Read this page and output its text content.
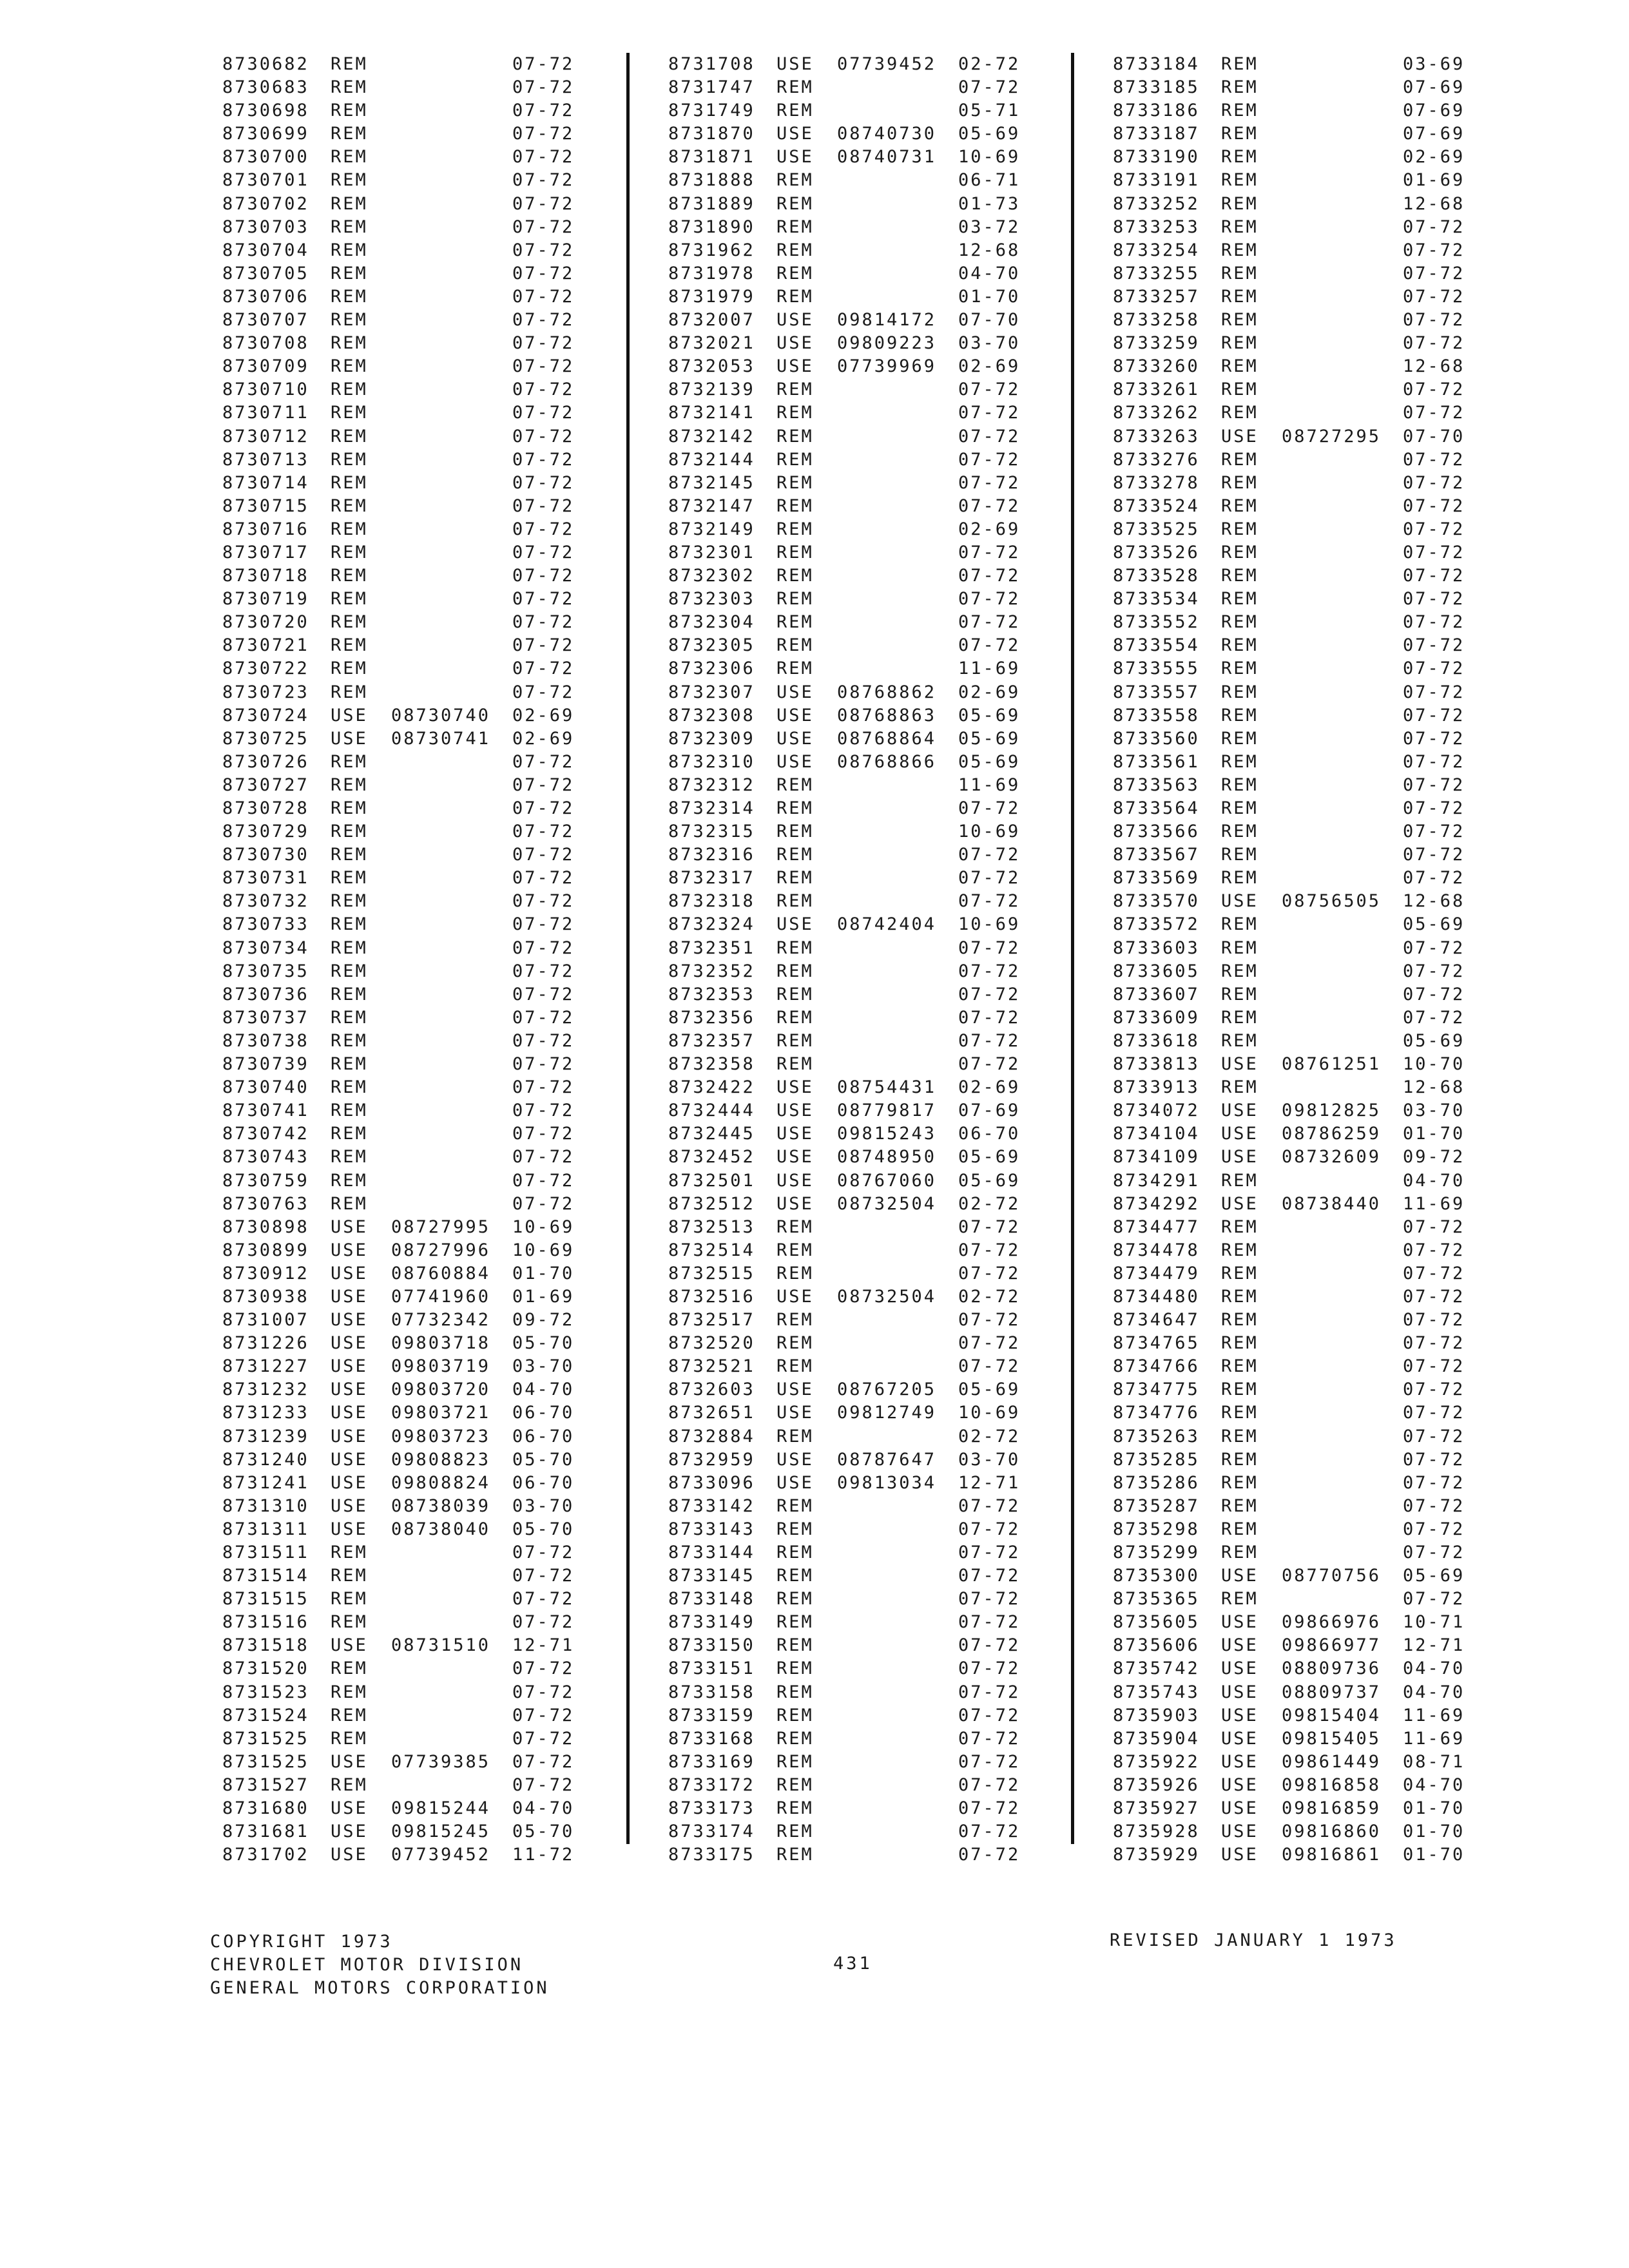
8730682 REM	07-72
8730683 REM	07-72
8730698 REM	07-72
8730699 REM	07-72
8730700 REM	07-72
8730701 REM	07-72
8730702 REM	07-72
8730703 REM	07-72
8730704 REM	07-72
8730705 REM	07-72
8730706 REM	07-72
8730707 REM	07-72
8730708 REM	07-72
8730709 REM	07-72
8730710 REM	07-72
8730711 REM	07-72
8730712 REM	07-72
8730713 REM	07-72
8730714 REM	07-72
8730715 REM	07-72
8730716 REM	07-72
8730717 REM	07-72
8730718 REM	07-72
8730719 REM	07-72
8730720 REM	07-72
8730721 REM	07-72
8730722 REM	07-72
8730723 REM	07-72
8730724 USE 08730740 02-69
8730725 USE 08730741 02-69
8730726 REM	07-72
8730727 REM	07-72
8730728 REM	07-72
8730729 REM	07-72
8730730 REM	07-72
8730731 REM	07-72
8730732 REM	07-72
8730733 REM	07-72
8730734 REM	07-72
8730735 REM	07-72
8730736 REM	07-72
8730737 REM	07-72
8730738 REM	07-72
8730739 REM	07-72
8730740 REM	07-72
8730741 REM	07-72
8730742 REM	07-72
8730743 REM	07-72
8730759 REM	07-72
8730763 REM	07-72
8730898 USE 08727995 10-69
8730899 USE 08727996 10-69
8730912 USE 08760884 01-70
8730938 USE 07741960 01-69
8731007 USE 07732342 09-72
8731226 USE 09803718 05-70
8731227 USE 09803719 03-70
8731232 USE 09803720 04-70
8731233 USE 09803721 06-70
8731239 USE 09803723 06-70
8731240 USE 09808823 05-70
8731241 USE 09808824 06-70
8731310 USE 08738039 03-70
8731311 USE 08738040 05-70
8731511 REM	07-72
8731514 REM	07-72
8731515 REM	07-72
8731516 REM	07-72
8731518 USE 08731510 12-71
8731520 REM	07-72
8731523 REM	07-72
8731524 REM	07-72
8731525 REM	07-72
8731525 USE 07739385 07-72
8731527 REM	07-72
8731680 USE 09815244 04-70
8731681 USE 09815245 05-70
8731702 USE 07739452 11-72
8731708 USE 07739452 02-72
8731747 REM	07-72
8731749 REM	05-71
8731870 USE 08740730 05-69
8731871 USE 08740731 10-69
8731888 REM	06-71
8731889 REM	01-73
8731890 REM	03-72
8731962 REM	12-68
8731978 REM	04-70
8731979 REM	01-70
8732007 USE 09814172 07-70
8732021 USE 09809223 03-70
8732053 USE 07739969 02-69
8732139 REM	07-72
8732141 REM	07-72
8732142 REM	07-72
8732144 REM	07-72
8732145 REM	07-72
8732147 REM	07-72
8732149 REM	02-69
8732301 REM	07-72
8732302 REM	07-72
8732303 REM	07-72
8732304 REM	07-72
8732305 REM	07-72
8732306 REM	11-69
8732307 USE 08768862 02-69
8732308 USE 08768863 05-69
8732309 USE 08768864 05-69
8732310 USE 08768866 05-69
8732312 REM	11-69
8732314 REM	07-72
8732315 REM	10-69
8732316 REM	07-72
8732317 REM	07-72
8732318 REM	07-72
8732324 USE 08742404 10-69
8732351 REM	07-72
8732352 REM	07-72
8732353 REM	07-72
8732356 REM	07-72
8732357 REM	07-72
8732358 REM	07-72
8732422 USE 08754431 02-69
8732444 USE 08779817 07-69
8732445 USE 09815243 06-70
8732452 USE 08748950 05-69
8732501 USE 08767060 05-69
8732512 USE 08732504 02-72
8732513 REM	07-72
8732514 REM	07-72
8732515 REM	07-72
8732516 USE 08732504 02-72
8732517 REM	07-72
8732520 REM	07-72
8732521 REM	07-72
8732603 USE 08767205 05-69
8732651 USE 09812749 10-69
8732884 REM	02-72
8732959 USE 08787647 03-70
8733096 USE 09813034 12-71
8733142 REM	07-72
8733143 REM	07-72
8733144 REM	07-72
8733145 REM	07-72
8733148 REM	07-72
8733149 REM	07-72
8733150 REM	07-72
8733151 REM	07-72
8733158 REM	07-72
8733159 REM	07-72
8733168 REM	07-72
8733169 REM	07-72
8733172 REM	07-72
8733173 REM	07-72
8733174 REM	07-72
8733175 REM	07-72
8733184 REM	03-69
8733185 REM	07-69
8733186 REM	07-69
8733187 REM	07-69
8733190 REM	02-69
8733191 REM	01-69
8733252 REM	12-68
8733253 REM	07-72
8733254 REM	07-72
8733255 REM	07-72
8733257 REM	07-72
8733258 REM	07-72
8733259 REM	07-72
8733260 REM	12-68
8733261 REM	07-72
8733262 REM	07-72
8733263 USE 08727295 07-70
8733276 REM	07-72
8733278 REM	07-72
8733524 REM	07-72
8733525 REM	07-72
8733526 REM	07-72
8733528 REM	07-72
8733534 REM	07-72
8733552 REM	07-72
8733554 REM	07-72
8733555 REM	07-72
8733557 REM	07-72
8733558 REM	07-72
8733560 REM	07-72
8733561 REM	07-72
8733563 REM	07-72
8733564 REM	07-72
8733566 REM	07-72
8733567 REM	07-72
8733569 REM	07-72
8733570 USE 08756505 12-68
8733572 REM	05-69
8733603 REM	07-72
8733605 REM	07-72
8733607 REM	07-72
8733609 REM	07-72
8733618 REM	05-69
8733813 USE 08761251 10-70
8733913 REM	12-68
8734072 USE 09812825 03-70
8734104 USE 08786259 01-70
8734109 USE 08732609 09-72
8734291 REM	04-70
8734292 USE 08738440 11-69
8734477 REM	07-72
8734478 REM	07-72
8734479 REM	07-72
8734480 REM	07-72
8734647 REM	07-72
8734765 REM	07-72
8734766 REM	07-72
8734775 REM	07-72
8734776 REM	07-72
8735263 REM	07-72
8735285 REM	07-72
8735286 REM	07-72
8735287 REM	07-72
8735298 REM	07-72
8735299 REM	07-72
8735300 USE 08770756 05-69
8735365 REM	07-72
8735605 USE 09866976 10-71
8735606 USE 09866977 12-71
8735742 USE 08809736 04-70
8735743 USE 08809737 04-70
8735903 USE 09815404 11-69
8735904 USE 09815405 11-69
8735922 USE 09861449 08-71
8735926 USE 09816858 04-70
8735927 USE 09816859 01-70
8735928 USE 09816860 01-70
8735929 USE 09816861 01-70
COPYRIGHT 1973
CHEVROLET MOTOR DIVISION
GENERAL MOTORS CORPORATION
431
REVISED JANUARY 1 1973
